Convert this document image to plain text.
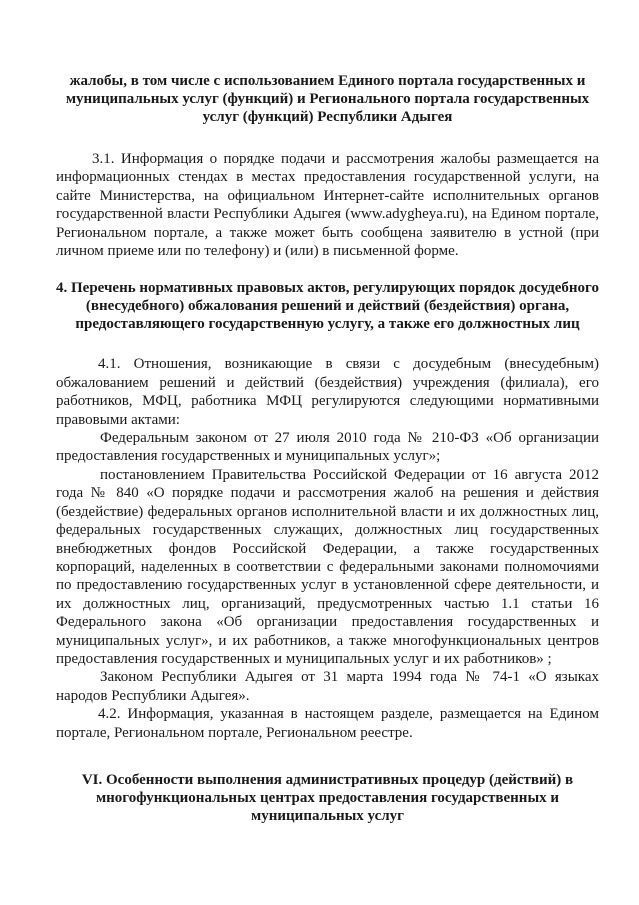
жалобы, в том числе с использованием Единого портала государственных и муниципальных услуг (функций) и Регионального портала государственных услуг (функций) Республики Адыгея

3.1. Информация о порядке подачи и рассмотрения жалобы размещается на информационных стендах в местах предоставления государственной услуги, на сайте Министерства, на официальном Интернет-сайте исполнительных органов государственной власти Республики Адыгея (www.adygheya.ru), на Едином портале, Региональном портале, а также может быть сообщена заявителю в устной (при личном приеме или по телефону) и (или) в письменной форме.

4. Перечень нормативных правовых актов, регулирующих порядок досудебного (внесудебного) обжалования решений и действий (бездействия) органа, предоставляющего государственную услугу, а также его должностных лиц

4.1. Отношения, возникающие в связи с досудебным (внесудебным) обжалованием решений и действий (бездействия) учреждения (филиала), его работников, МФЦ, работника МФЦ регулируются следующими нормативными правовыми актами:

Федеральным законом от 27 июля 2010 года № 210-ФЗ «Об организации предоставления государственных и муниципальных услуг»;

постановлением Правительства Российской Федерации от 16 августа 2012 года № 840 «О порядке подачи и рассмотрения жалоб на решения и действия (бездействие) федеральных органов исполнительной власти и их должностных лиц, федеральных государственных служащих, должностных лиц государственных внебюджетных фондов Российской Федерации, а также государственных корпораций, наделенных в соответствии с федеральными законами полномочиями по предоставлению государственных услуг в установленной сфере деятельности, и их должностных лиц, организаций, предусмотренных частью 1.1 статьи 16 Федерального закона «Об организации предоставления государственных и муниципальных услуг», и их работников, а также многофункциональных центров предоставления государственных и муниципальных услуг и их работников» ;

Законом Республики Адыгея от 31 марта 1994 года № 74-1 «О языках народов Республики Адыгея».

4.2. Информация, указанная в настоящем разделе, размещается на Едином портале, Региональном портале, Региональном реестре.

VI. Особенности выполнения административных процедур (действий) в многофункциональных центрах предоставления государственных и муниципальных услуг
